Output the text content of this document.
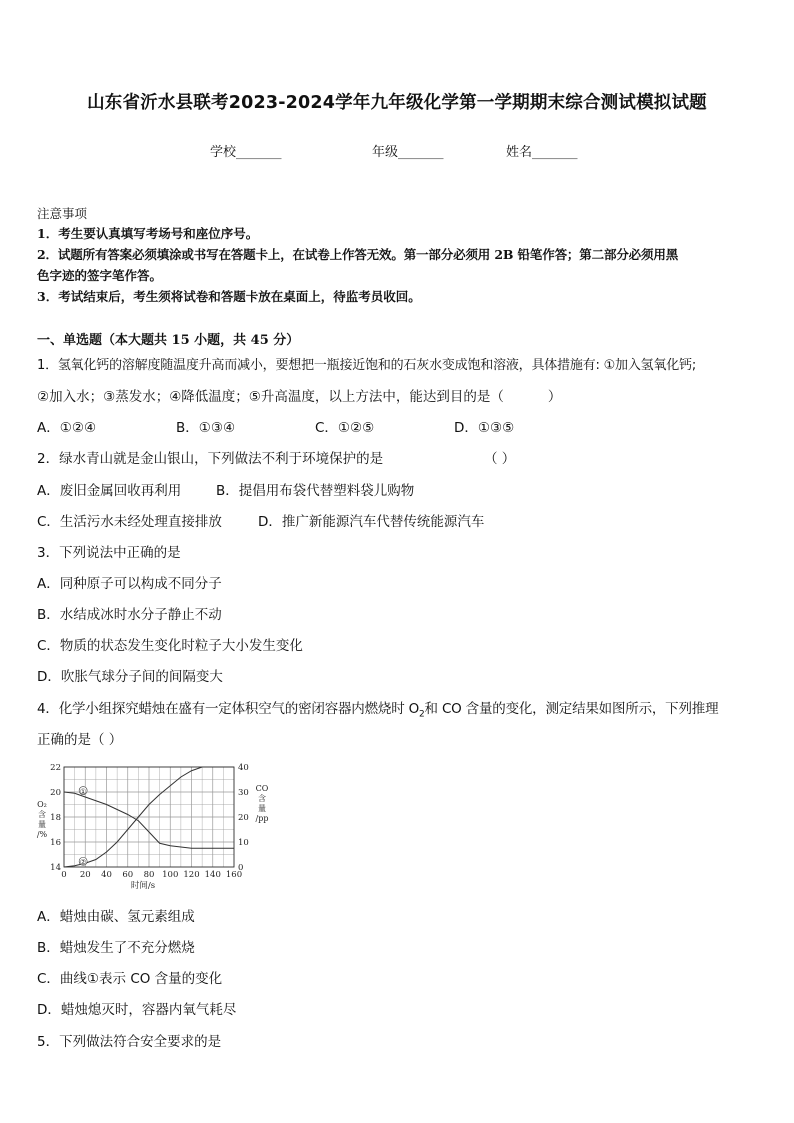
山东省沂水县联考2023-2024学年九年级化学第一学期期末综合测试模拟试题
学校_______	年级_______	姓名_______
注意事项
1．考生要认真填写考场号和座位序号。
2．试题所有答案必须填涂或书写在答题卡上，在试卷上作答无效。第一部分必须用 2B 铅笔作答；第二部分必须用黑
色字迹的签字笔作答。
3．考试结束后，考生须将试卷和答题卡放在桌面上，待监考员收回。
一、单选题（本大题共 15 小题，共 45 分）
1．氢氧化钙的溶解度随温度升高而减小，要想把一瓶接近饱和的石灰水变成饱和溶液，具体措施有: ①加入氢氧化钙;
②加入水；③蒸发水；④降低温度；⑤升高温度，以上方法中，能达到目的是（	）
A．①②④	B．①③④	C．①②⑤	D．①③⑤
2．绿水青山就是金山银山，下列做法不利于环境保护的是	（ ）
A．废旧金属回收再利用	B．提倡用布袋代替塑料袋儿购物
C．生活污水未经处理直接排放	D．推广新能源汽车代替传统能源汽车
3．下列说法中正确的是
A．同种原子可以构成不同分子
B．水结成冰时水分子静止不动
C．物质的状态发生变化时粒子大小发生变化
D．吹胀气球分子间的间隔变大
4．化学小组探究蜡烛在盛有一定体积空气的密闭容器内燃烧时 $O_2$和 CO 含量的变化，测定结果如图所示，下列推理
正确的是（ ）
0 20 40 60 80 100 120 140 160
时间/s
14
16
18
20
22
O₂
含
量
/%
0
10
20
30
40
CO
含
量
/pp
①
②
A．蜡烛由碳、氢元素组成
B．蜡烛发生了不充分燃烧
C．曲线①表示 CO 含量的变化
D．蜡烛熄灭时，容器内氧气耗尽
5．下列做法符合安全要求的是
